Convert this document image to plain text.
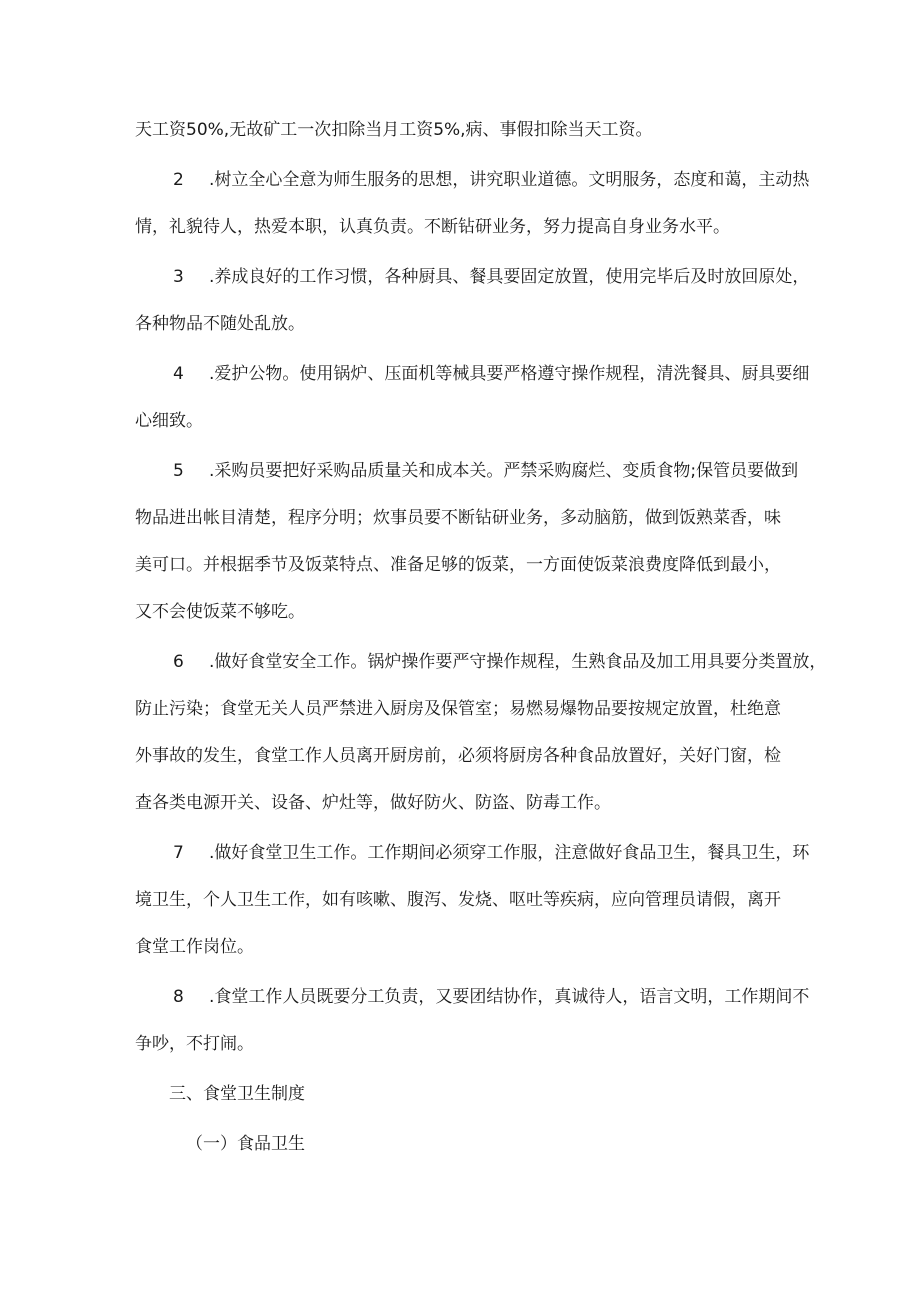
天工资50%,无故矿工一次扣除当月工资5%,病、事假扣除当天工资。

2 .树立全心全意为师生服务的思想，讲究职业道德。文明服务，态度和蔼，主动热

情，礼貌待人，热爱本职，认真负责。不断钻研业务，努力提高自身业务水平。

3 .养成良好的工作习惯，各种厨具、餐具要固定放置，使用完毕后及时放回原处，

各种物品不随处乱放。

4 .爱护公物。使用锅炉、压面机等械具要严格遵守操作规程，清洗餐具、厨具要细

心细致。

5 .采购员要把好采购品质量关和成本关。严禁采购腐烂、变质食物;保管员要做到

物品进出帐目清楚，程序分明；炊事员要不断钻研业务，多动脑筋，做到饭熟菜香，味

美可口。并根据季节及饭菜特点、准备足够的饭菜，一方面使饭菜浪费度降低到最小，

又不会使饭菜不够吃。

6 .做好食堂安全工作。锅炉操作要严守操作规程，生熟食品及加工用具要分类置放，

防止污染；食堂无关人员严禁进入厨房及保管室；易燃易爆物品要按规定放置，杜绝意

外事故的发生，食堂工作人员离开厨房前，必须将厨房各种食品放置好，关好门窗，检

查各类电源开关、设备、炉灶等，做好防火、防盗、防毒工作。

7 .做好食堂卫生工作。工作期间必须穿工作服，注意做好食品卫生，餐具卫生，环

境卫生，个人卫生工作，如有咳嗽、腹泻、发烧、呕吐等疾病，应向管理员请假，离开

食堂工作岗位。

8 .食堂工作人员既要分工负责，又要团结协作，真诚待人，语言文明，工作期间不

争吵，不打闹。

三、食堂卫生制度

（一）食品卫生
